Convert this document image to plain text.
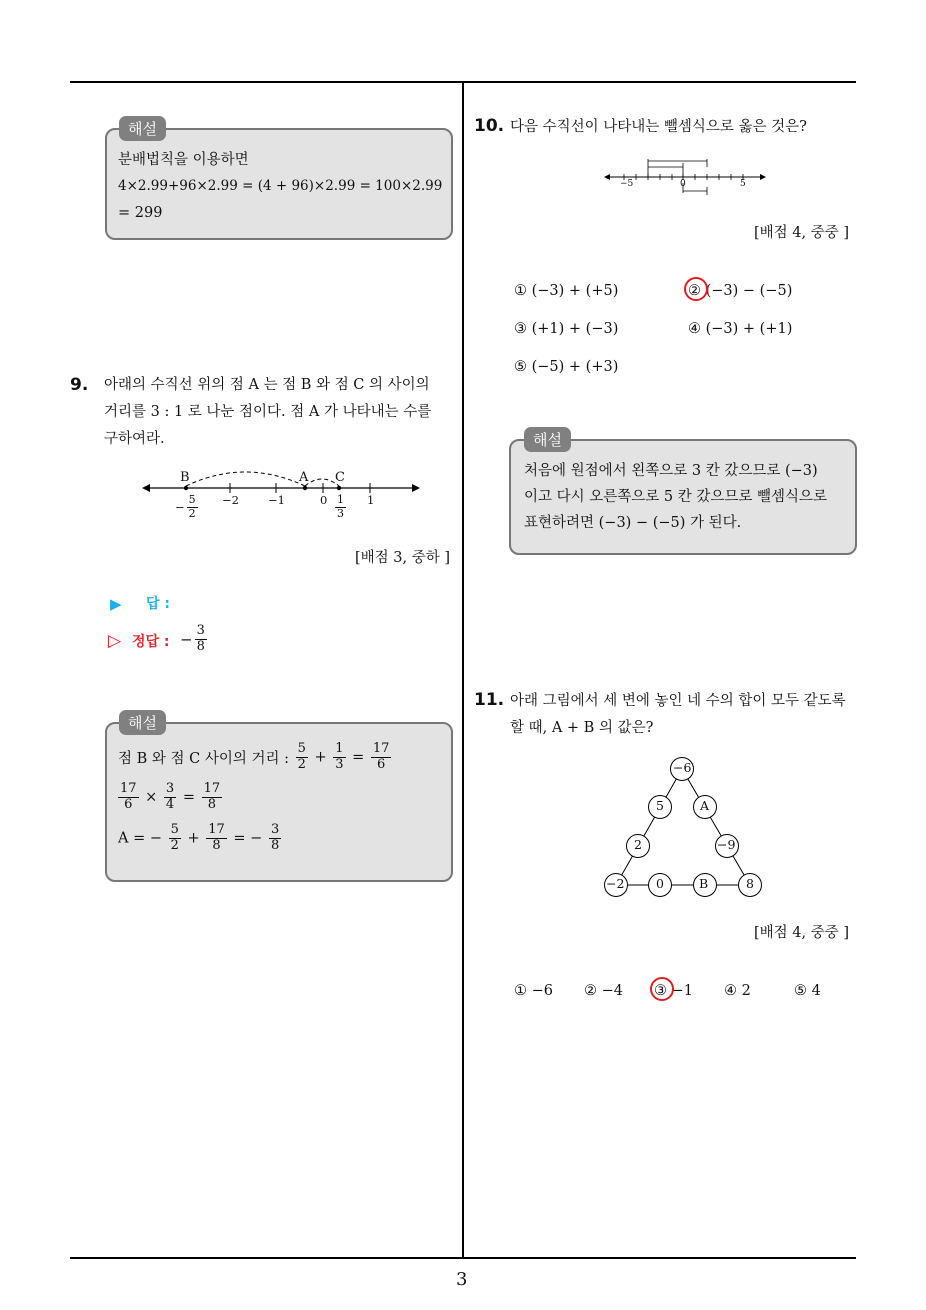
3
해설
분배법칙을 이용하면
4×2.99+96×2.99 = (4 + 96)×2.99 = 100×2.99
= 299
9. 아래의 수직선 위의 점 A 는 점 B 와 점 C 의 사이의
거리를 3 : 1 로 나눈 점이다. 점 A 가 나타내는 수를
구하여라.
B	A C
−2	−1	0	1
− $\frac{5}{2}$	$\frac{1}{3}$
[배점 3, 중하 ]
▶ 답 :
▷ 정답 : − $\frac{3}{8}$
해설
점 B 와 점 C 사이의 거리 : $\frac{5}{2} + \frac{1}{3} = \frac{17}{6}$
$\frac{17}{6} \times \frac{3}{4} = \frac{17}{8}$
A = − $\frac{5}{2} + \frac{17}{8}$ = − $\frac{3}{8}$
10. 다음 수직선이 나타내는 뺄셈식으로 옳은 것은?
−5	0	5
[배점 4, 중중 ]
① (−3) + (+5)	② (−3) − (−5)
③ (+1) + (−3)	④ (−3) + (+1)
⑤ (−5) + (+3)
해설
처음에 원점에서 왼쪽으로 3 칸 갔으므로 (−3)
이고 다시 오른쪽으로 5 칸 갔으므로 뺄셈식으로
표현하려면 (−3) − (−5) 가 된다.
11. 아래 그림에서 세 변에 놓인 네 수의 합이 모두 같도록
할 때, A + B 의 값은?
−6
5	A
2	−9
−2	0	B	8
[배점 4, 중중 ]
① −6 ② −4 ③ −1 ④ 2	⑤ 4
